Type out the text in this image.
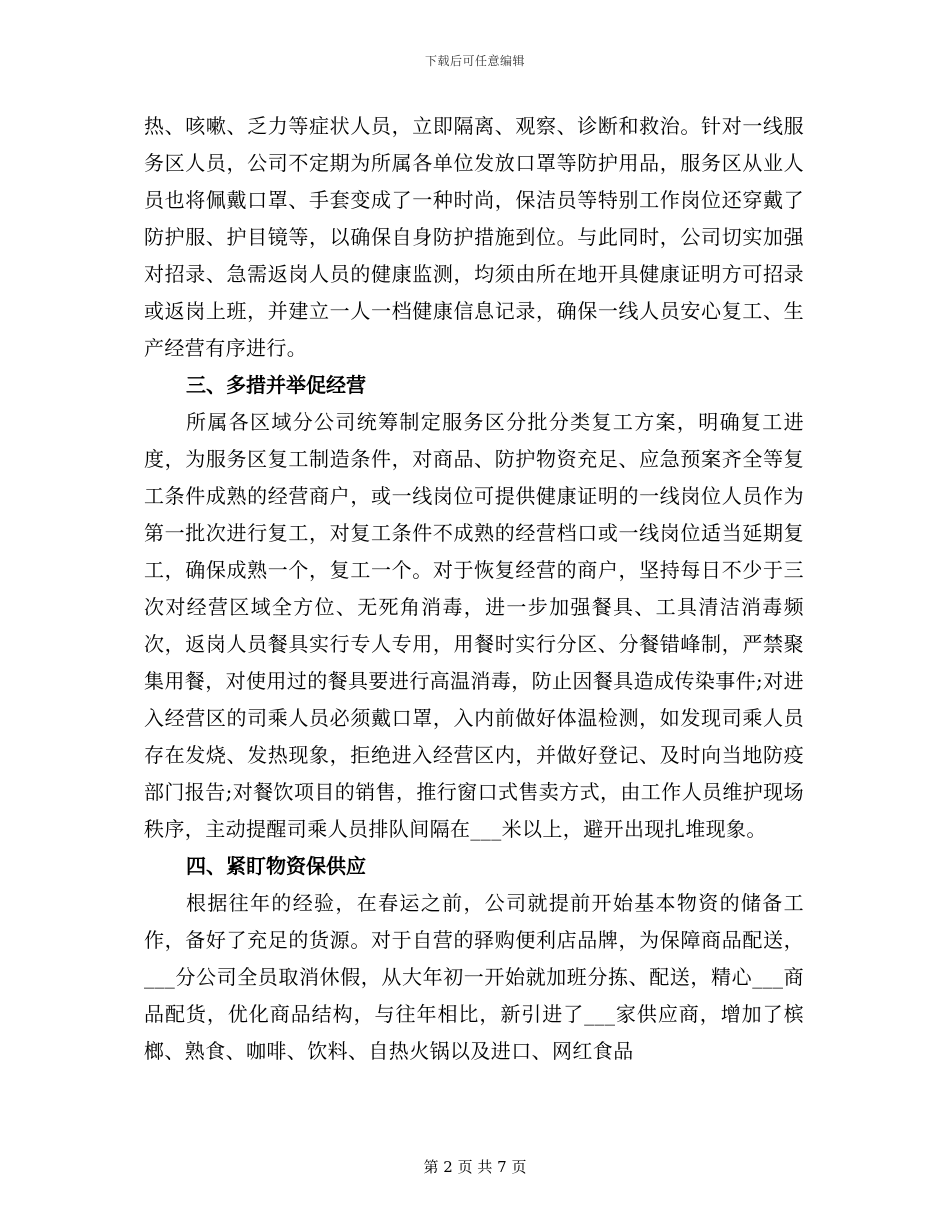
下载后可任意编辑

热、咳嗽、乏力等症状人员，立即隔离、观察、诊断和救治。针对一线服务区人员，公司不定期为所属各单位发放口罩等防护用品，服务区从业人员也将佩戴口罩、手套变成了一种时尚，保洁员等特别工作岗位还穿戴了防护服、护目镜等，以确保自身防护措施到位。与此同时，公司切实加强对招录、急需返岗人员的健康监测，均须由所在地开具健康证明方可招录或返岗上班，并建立一人一档健康信息记录，确保一线人员安心复工、生产经营有序进行。

三、多措并举促经营

所属各区域分公司统筹制定服务区分批分类复工方案，明确复工进度，为服务区复工制造条件，对商品、防护物资充足、应急预案齐全等复工条件成熟的经营商户，或一线岗位可提供健康证明的一线岗位人员作为第一批次进行复工，对复工条件不成熟的经营档口或一线岗位适当延期复工，确保成熟一个，复工一个。对于恢复经营的商户，坚持每日不少于三次对经营区域全方位、无死角消毒，进一步加强餐具、工具清洁消毒频次，返岗人员餐具实行专人专用，用餐时实行分区、分餐错峰制，严禁聚集用餐，对使用过的餐具要进行高温消毒，防止因餐具造成传染事件;对进入经营区的司乘人员必须戴口罩，入内前做好体温检测，如发现司乘人员存在发烧、发热现象，拒绝进入经营区内，并做好登记、及时向当地防疫部门报告;对餐饮项目的销售，推行窗口式售卖方式，由工作人员维护现场秩序，主动提醒司乘人员排队间隔在___米以上，避开出现扎堆现象。

四、紧盯物资保供应

根据往年的经验，在春运之前，公司就提前开始基本物资的储备工作，备好了充足的货源。对于自营的驿购便利店品牌，为保障商品配送，___分公司全员取消休假，从大年初一开始就加班分拣、配送，精心___商品配货，优化商品结构，与往年相比，新引进了___家供应商，增加了槟榔、熟食、咖啡、饮料、自热火锅以及进口、网红食品

第 2 页 共 7 页
